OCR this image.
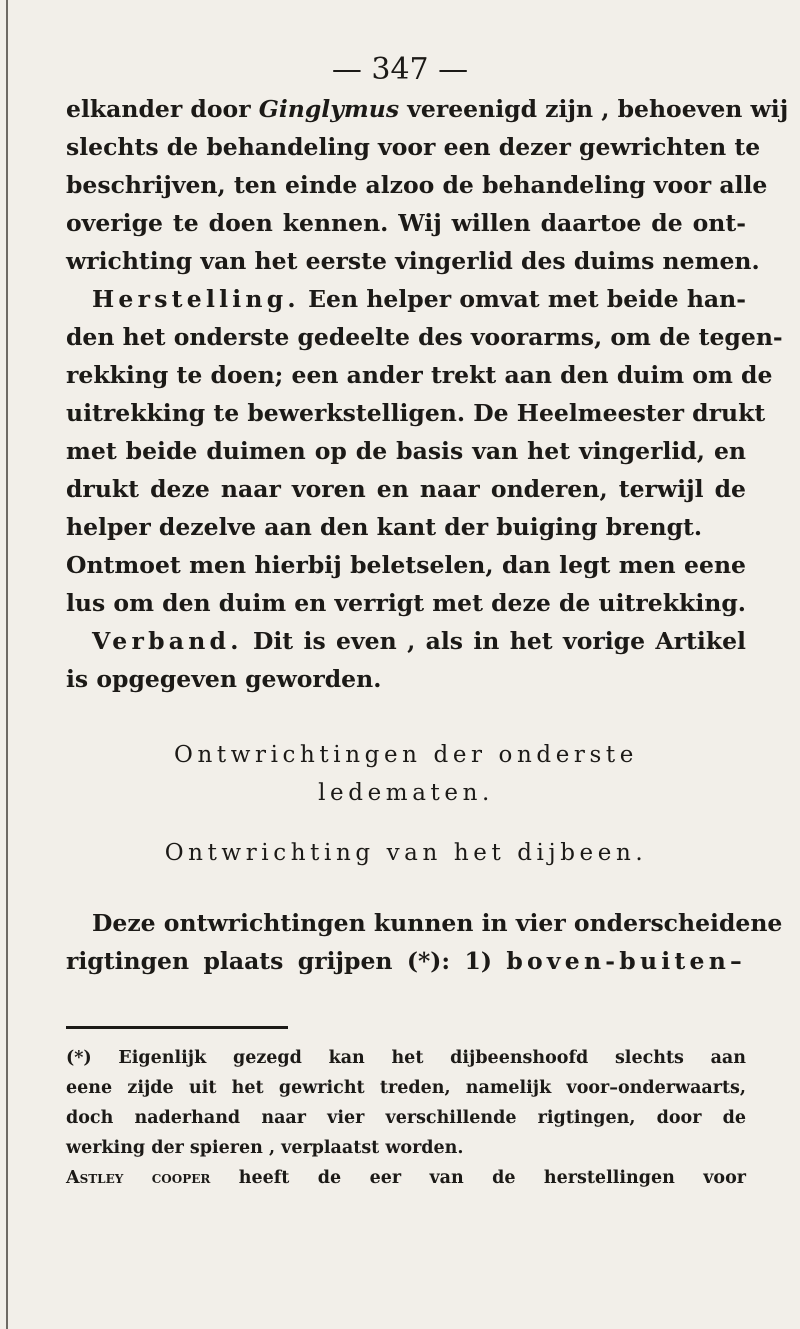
— 347 —
elkander door Ginglymus vereenigd zijn , behoeven wij
slechts de behandeling voor een dezer gewrichten te
beschrijven, ten einde alzoo de behandeling voor alle
overige te doen kennen. Wij willen daartoe de ont-
wrichting van het eerste vingerlid des duims nemen.
Herstelling. Een helper omvat met beide han-
den het onderste gedeelte des voorarms, om de tegen-
rekking te doen; een ander trekt aan den duim om de
uitrekking te bewerkstelligen. De Heelmeester drukt
met beide duimen op de basis van het vingerlid, en
drukt deze naar voren en naar onderen, terwijl de
helper dezelve aan den kant der buiging brengt.
Ontmoet men hierbij beletselen, dan legt men eene
lus om den duim en verrigt met deze de uitrekking.
Verband. Dit is even , als in het vorige Artikel
is opgegeven geworden.
Ontwrichtingen der onderste
ledematen.
Ontwrichting van het dijbeen.
Deze ontwrichtingen kunnen in vier onderscheidene
rigtingen plaats grijpen (*): 1) boven-buiten–
(*) Eigenlijk gezegd kan het dijbeenshoofd slechts aan
eene zijde uit het gewricht treden, namelijk voor–onderwaarts,
doch naderhand naar vier verschillende rigtingen, door de
werking der spieren , verplaatst worden.
Astley cooper heeft de eer van de herstellingen voor
